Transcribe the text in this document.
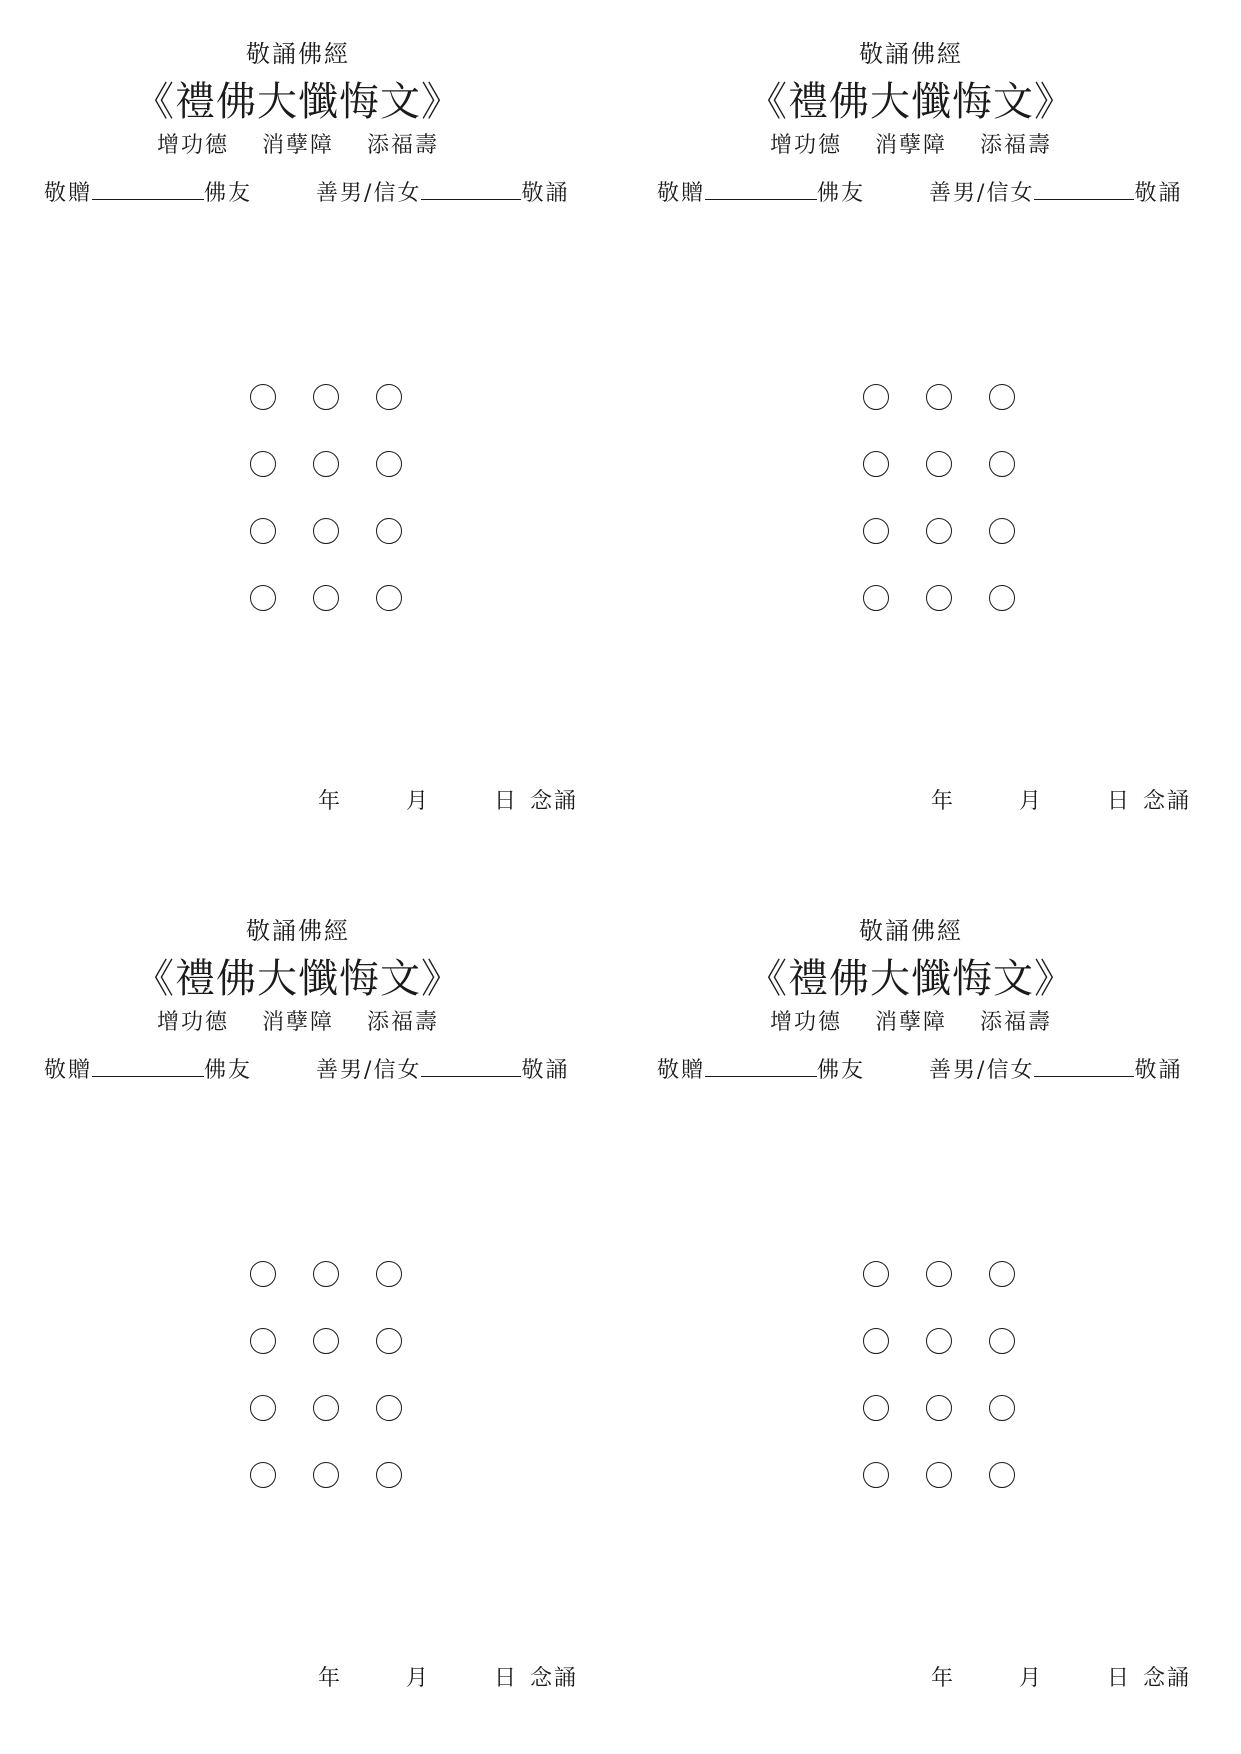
敬誦佛經
《禮佛大懺悔文》
增功德 消孽障 添福壽
敬贈	佛友	善男/信女	敬誦
年	月	日 念誦
敬誦佛經
《禮佛大懺悔文》
增功德 消孽障 添福壽
敬贈	佛友	善男/信女	敬誦
年	月	日 念誦
敬誦佛經
《禮佛大懺悔文》
增功德 消孽障 添福壽
敬贈	佛友	善男/信女	敬誦
年	月	日 念誦
敬誦佛經
《禮佛大懺悔文》
增功德 消孽障 添福壽
敬贈	佛友	善男/信女	敬誦
年	月	日 念誦
